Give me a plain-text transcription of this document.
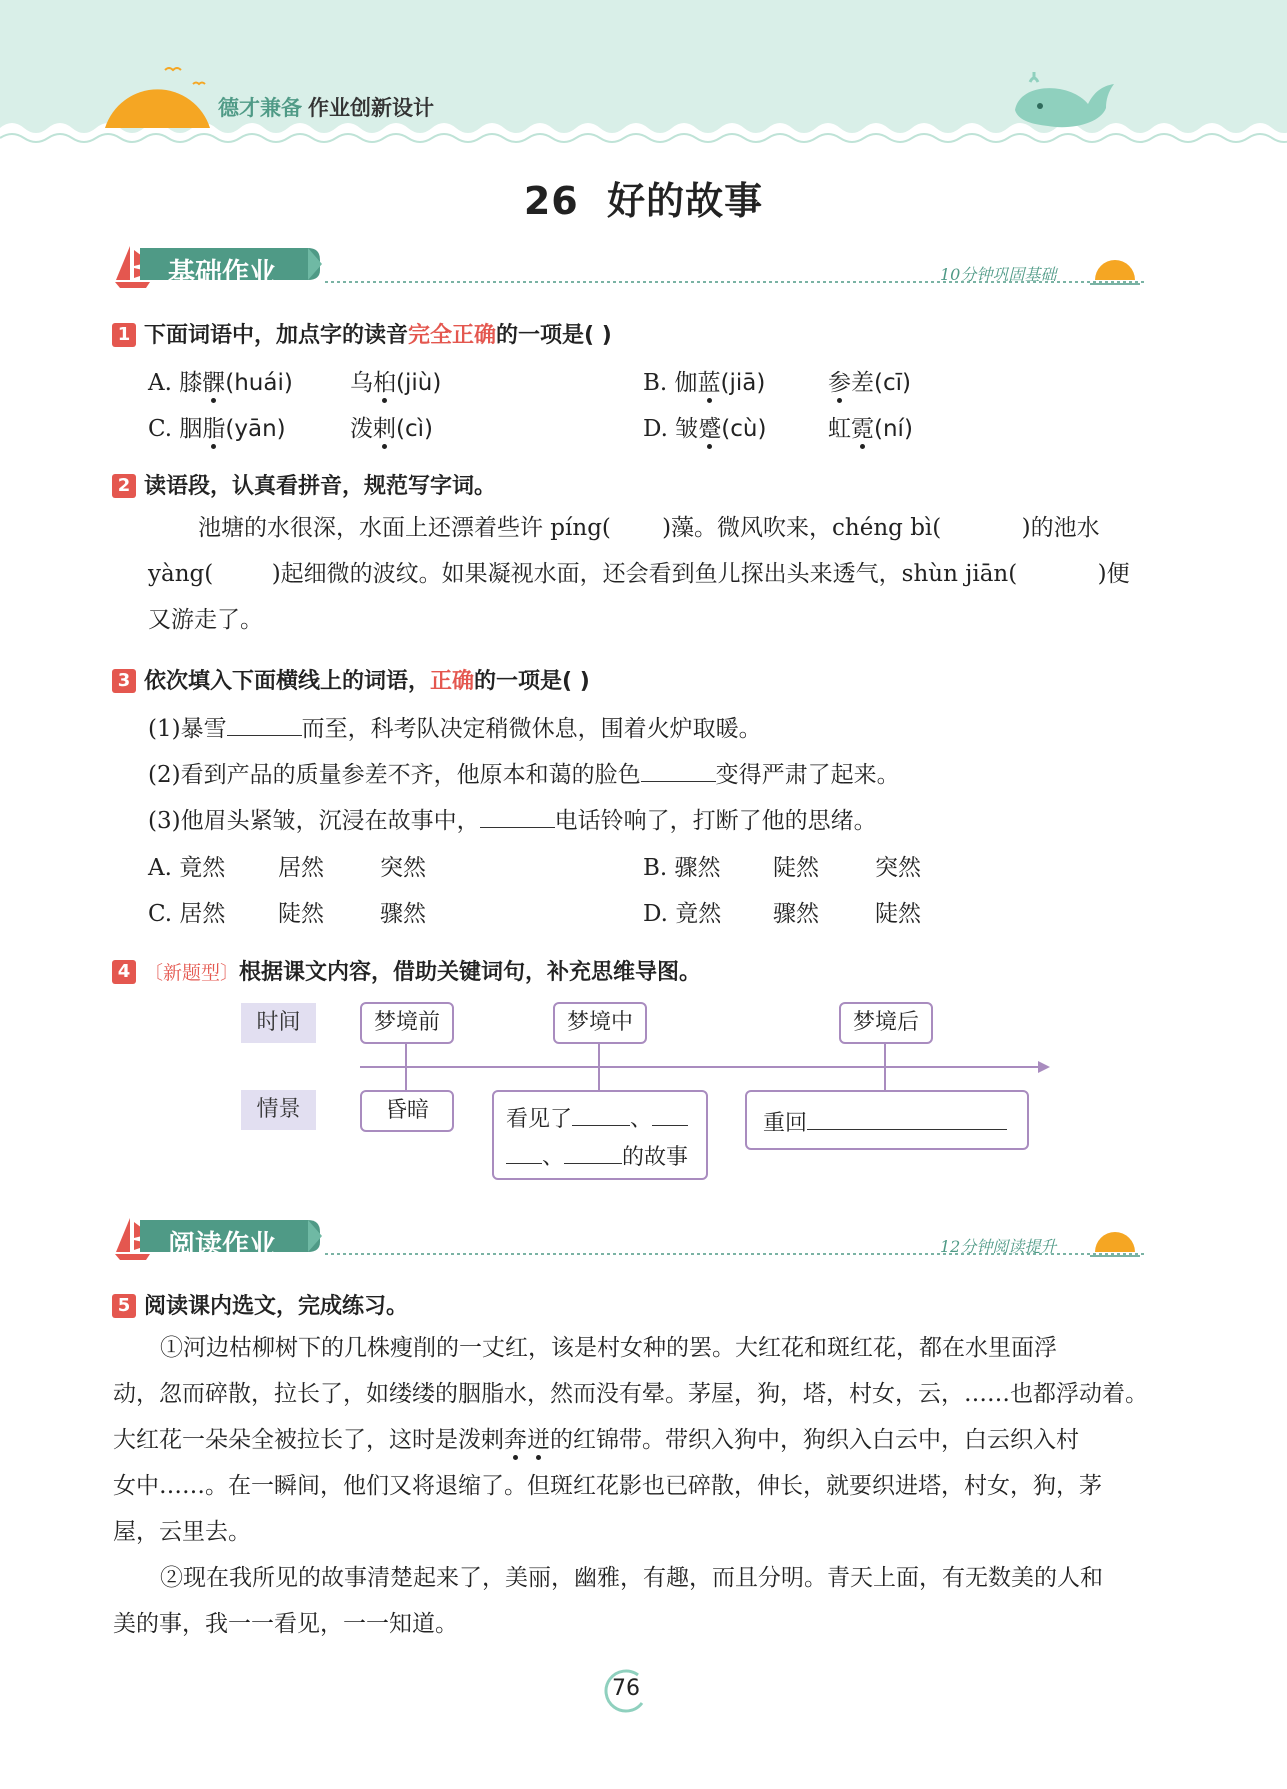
德才兼备 作业创新设计
26  好的故事
基础作业	10分钟巩固基础
1 下面词语中，加点字的读音完全正确的一项是( )
A. 膝髁(huái) 乌桕(jiù)	B. 伽蓝(jiā)	参差(cī)
C. 胭脂(yān)	泼剌(cì)	D. 皱蹙(cù)	虹霓(ní)
2 读语段，认真看拼音，规范写字词。
池塘的水很深，水面上还漂着些许 píng(       )藻。微风吹来，chéng bì(           )的池水
yàng(        )起细微的波纹。如果凝视水面，还会看到鱼儿探出头来透气，shùn jiān(           )便
又游走了。
3 依次填入下面横线上的词语，正确的一项是( )
(1)暴雪	而至，科考队决定稍微休息，围着火炉取暖。
(2)看到产品的质量参差不齐，他原本和蔼的脸色	变得严肃了起来。
(3)他眉头紧皱，沉浸在故事中，	电话铃响了，打断了他的思绪。
A. 竟然 居然 突然	B. 骤然 陡然 突然
C. 居然 陡然 骤然	D. 竟然 骤然 陡然
4 〔新题型〕根据课文内容，借助关键词句，补充思维导图。
时间
情景
梦境前	梦境中	梦境后
昏暗	看见了	、
、	的故事
重回
阅读作业	12分钟阅读提升
5 阅读课内选文，完成练习。
①河边枯柳树下的几株瘦削的一丈红，该是村女种的罢。大红花和斑红花，都在水里面浮
动，忽而碎散，拉长了，如缕缕的胭脂水，然而没有晕。茅屋，狗，塔，村女，云，……也都浮动着。
大红花一朵朵全被拉长了，这时是泼剌奔迸的红锦带。带织入狗中，狗织入白云中，白云织入村
女中……。在一瞬间，他们又将退缩了。但斑红花影也已碎散，伸长，就要织进塔，村女，狗，茅
屋，云里去。
②现在我所见的故事清楚起来了，美丽，幽雅，有趣，而且分明。青天上面，有无数美的人和
美的事，我一一看见，一一知道。
76
